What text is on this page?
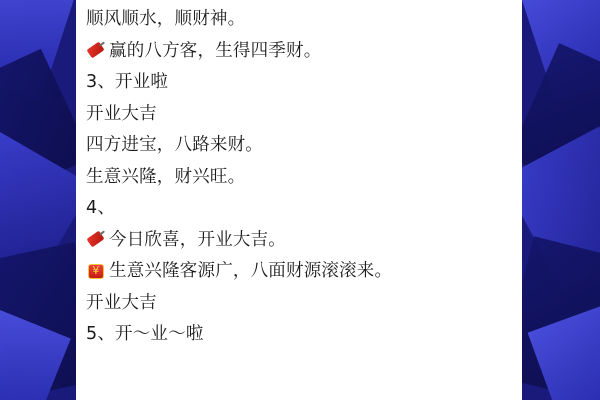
顺风顺水，顺财神。
赢的八方客，生得四季财。
3、开业啦
开业大吉
四方进宝，八路来财。
生意兴隆，财兴旺。
4、
今日欣喜，开业大吉。
¥
生意兴隆客源广，八面财源滚滚来。
开业大吉
5、开～业～啦
